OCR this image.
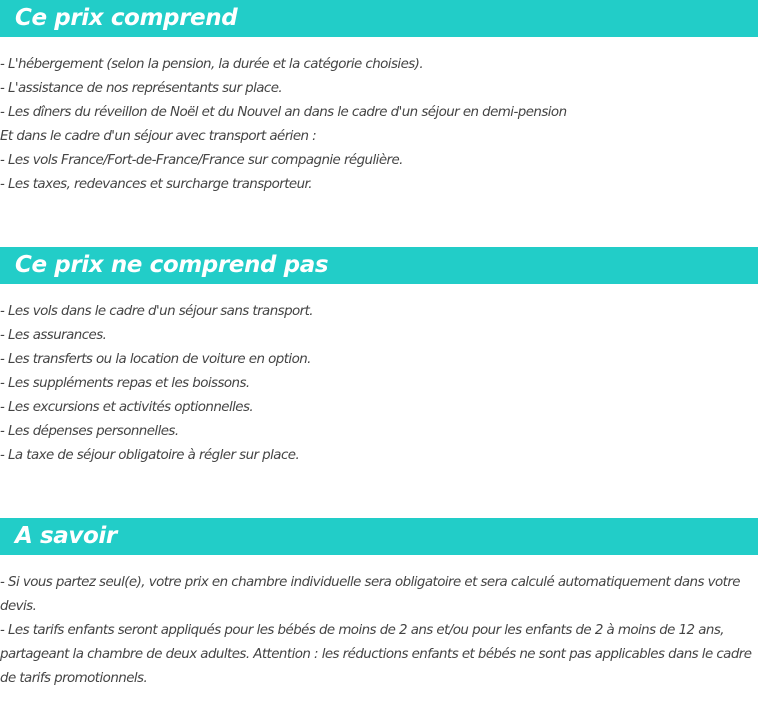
Ce prix comprend

- L'hébergement (selon la pension, la durée et la catégorie choisies).

- L'assistance de nos représentants sur place.

- Les dîners du réveillon de Noël et du Nouvel an dans le cadre d'un séjour en demi-pension

Et dans le cadre d'un séjour avec transport aérien :

- Les vols France/Fort-de-France/France sur compagnie régulière.

- Les taxes, redevances et surcharge transporteur.

Ce prix ne comprend pas

- Les vols dans le cadre d'un séjour sans transport.

- Les assurances.

- Les transferts ou la location de voiture en option.

- Les suppléments repas et les boissons.

- Les excursions et activités optionnelles.

- Les dépenses personnelles.

- La taxe de séjour obligatoire à régler sur place.

A savoir

- Si vous partez seul(e), votre prix en chambre individuelle sera obligatoire et sera calculé automatiquement dans votre devis.

- Les tarifs enfants seront appliqués pour les bébés de moins de 2 ans et/ou pour les enfants de 2 à moins de 12 ans, partageant la chambre de deux adultes. Attention : les réductions enfants et bébés ne sont pas applicables dans le cadre de tarifs promotionnels.
